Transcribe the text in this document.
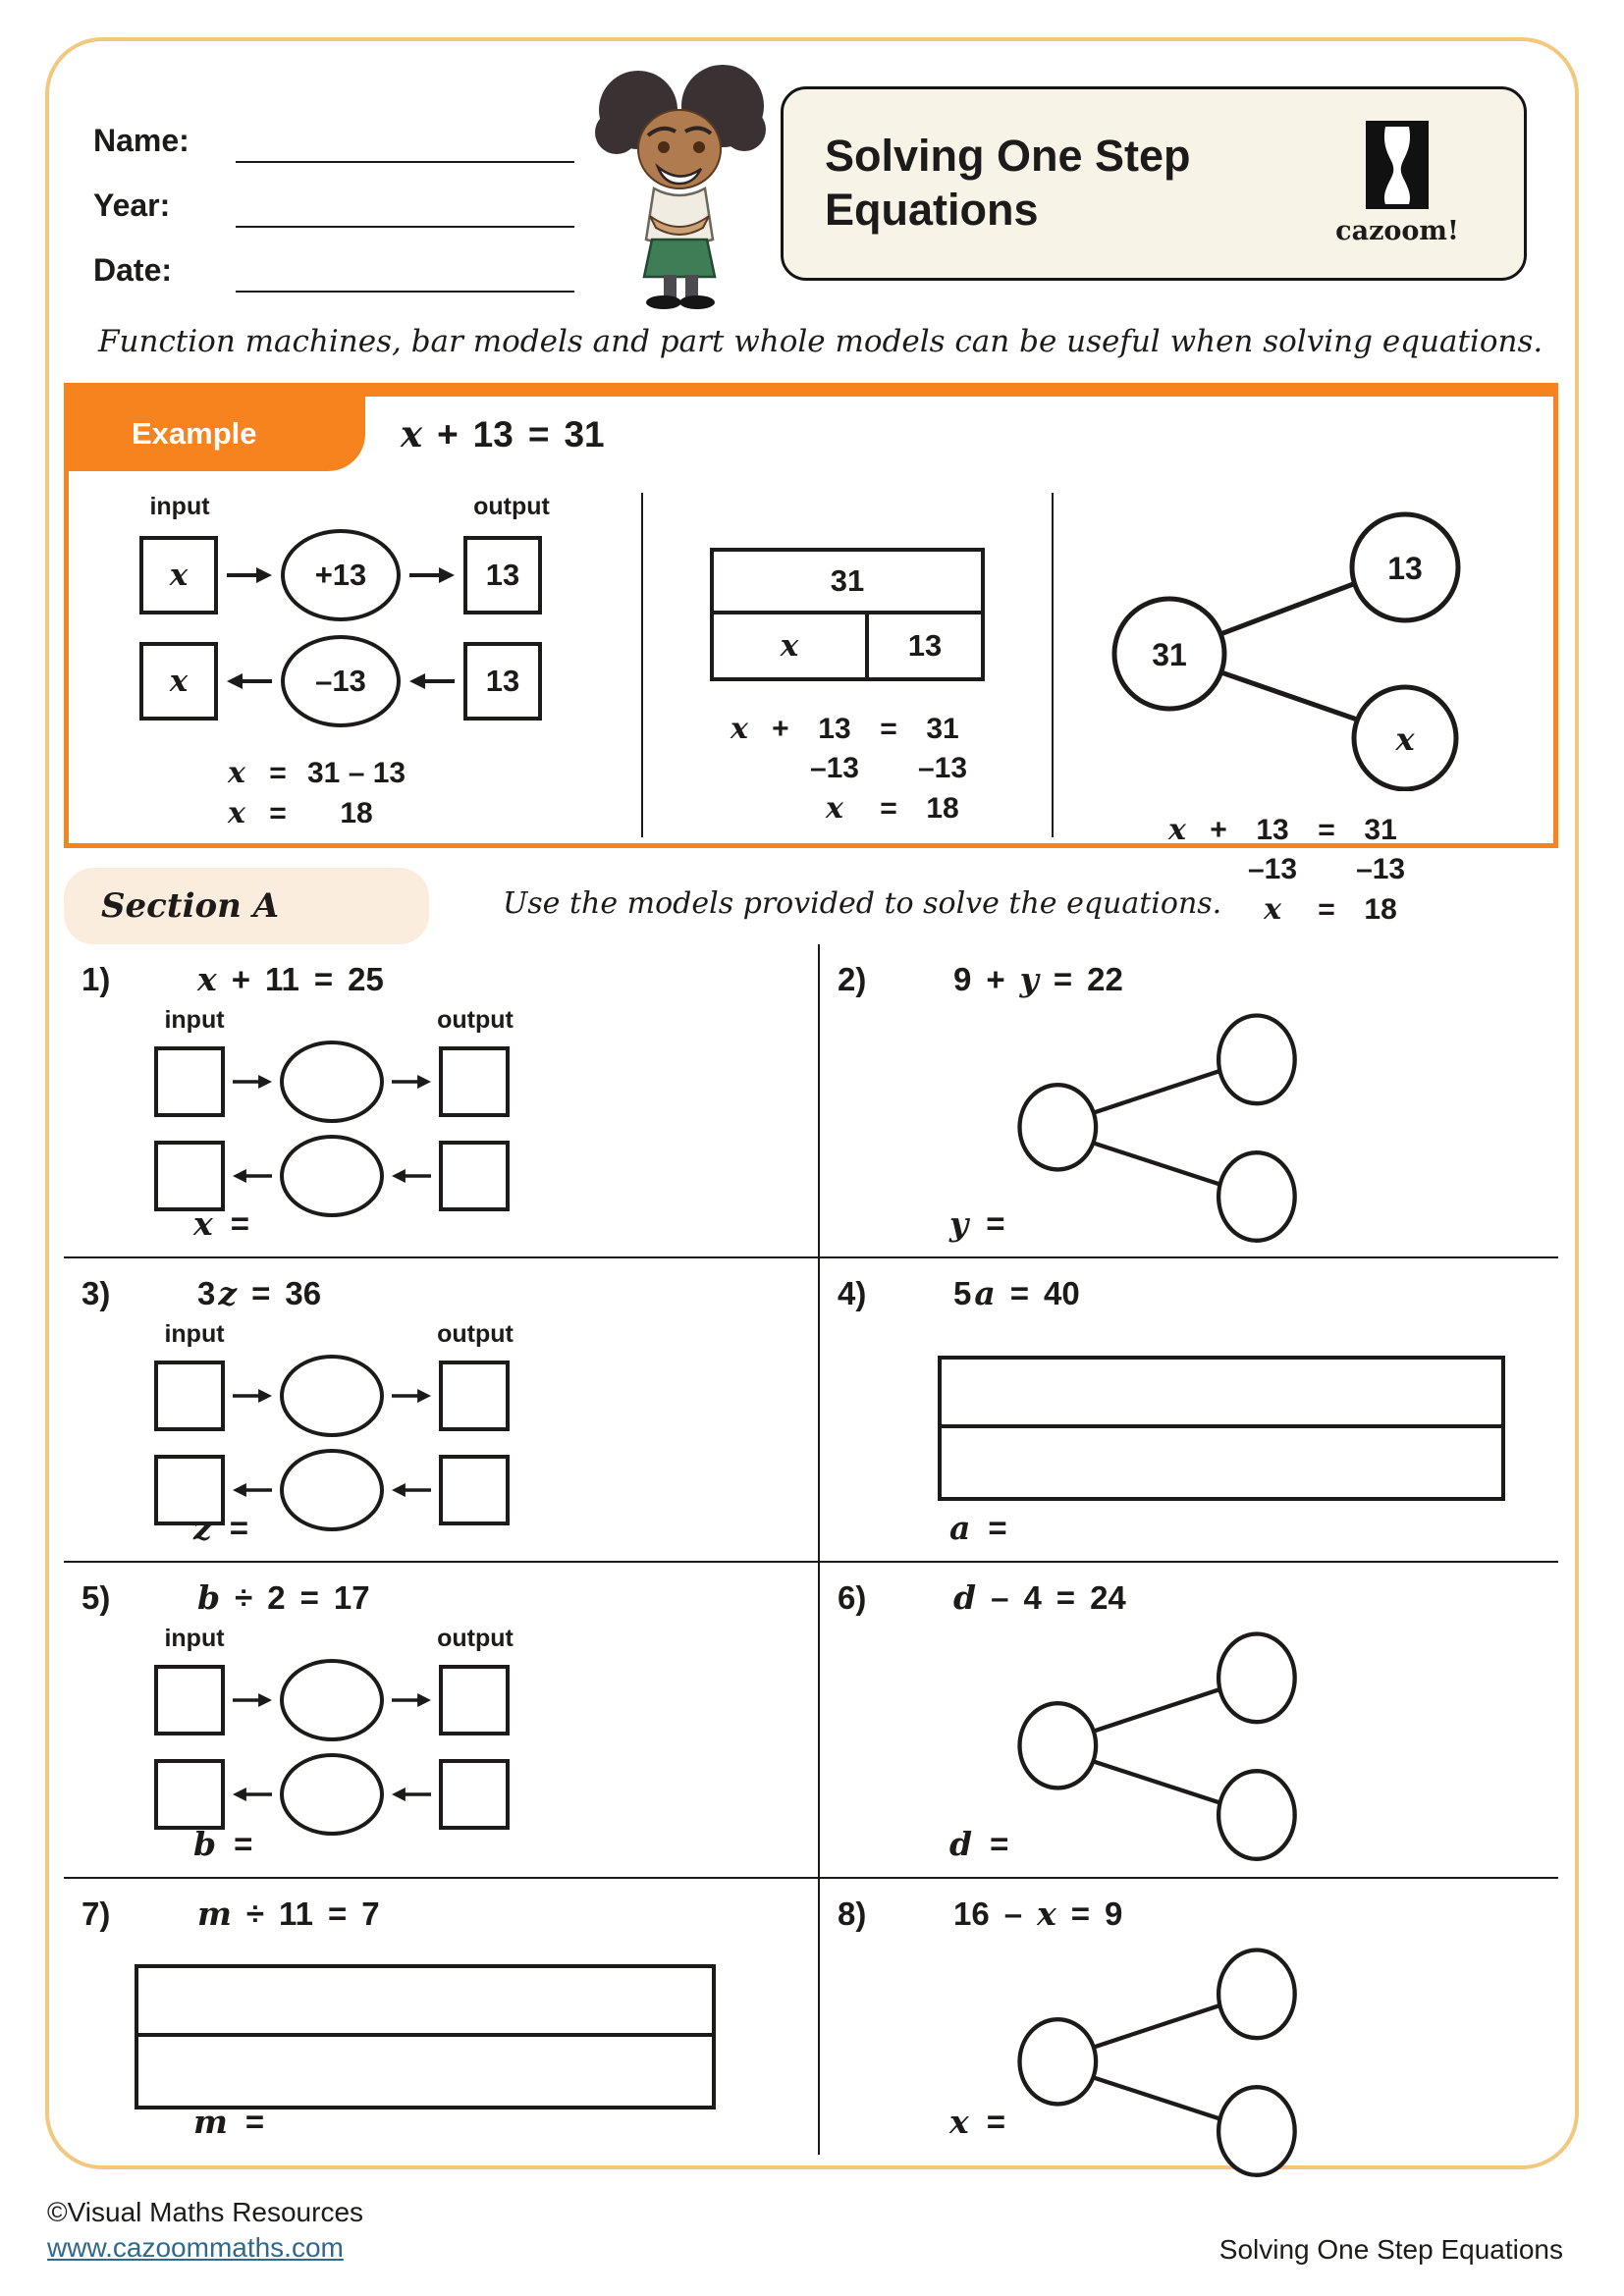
Name:
Year:
Date:
Solving One Step Equations	cazoom!
Function machines, bar models and part whole models can be useful when solving equations.
Example	x + 13 = 31
input	output
x	+13	13
x	–13	13
x	=	31 – 13
x	=	18
31
x	13
x	+	13	=	31
		–13		–13
		x	=	18
31
13
x
x	+	13	=	31
		–13		–13
		x	=	18
Section A	Use the models provided to solve the equations.
1)	x + 11 = 25
input	output
x =
2)	9 + y = 22
y =
3)	3 z = 36
input	output
z =
4)	5 a = 40
a =
5)	b ÷ 2 = 17
input	output
b =
6)	d – 4 = 24
d =
7)	m ÷ 11 = 7
m =
8)	16 – x = 9
x =
©Visual Maths Resources
www.cazoommaths.com	Solving One Step Equations
